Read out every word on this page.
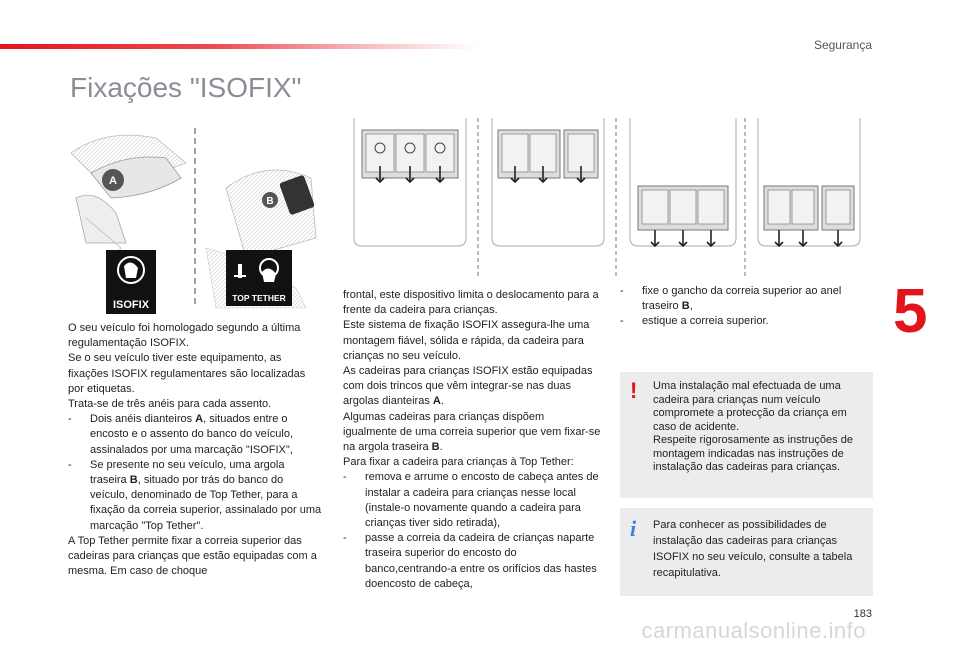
Segurança
Fixações "ISOFIX"
A
B
ISOFIX
TOP TETHER

O seu veículo foi homologado segundo a última regulamentação ISOFIX.

Se o seu veículo tiver este equipamento, as fixações ISOFIX regulamentares são localizadas por etiquetas.

Trata-se de três anéis para cada assento.

-	Dois anéis dianteiros A, situados entre o encosto e o assento do banco do veículo, assinalados por uma marcação "ISOFIX",
-	Se presente no seu veículo, uma argola traseira B, situado por trás do banco do veículo, denominado de Top Tether, para a fixação da correia superior, assinalado por uma marcação "Top Tether".

A Top Tether permite fixar a correia superior das cadeiras para crianças que estão equipadas com a mesma. Em caso de choque

frontal, este dispositivo limita o deslocamento para a frente da cadeira para crianças.

Este sistema de fixação ISOFIX assegura-lhe uma montagem fiável, sólida e rápida, da cadeira para crianças no seu veículo.

As cadeiras para crianças ISOFIX estão equipadas com dois trincos que vêm integrar-se nas duas argolas dianteiras A.

Algumas cadeiras para crianças dispõem igualmente de uma correia superior que vem fixar-se na argola traseira B.

Para fixar a cadeira para crianças à Top Tether:

-	remova e arrume o encosto de cabeça antes de instalar a cadeira para crianças nesse local (instale-o novamente quando a cadeira para crianças tiver sido retirada),
-	passe a correia da cadeira de crianças naparte traseira superior do encosto do banco,centrando-a entre os orifícios das hastes doencosto de cabeça,
-	fixe o gancho da correia superior ao anel traseiro B,
-	estique a correia superior.
! Uma instalação mal efectuada de uma cadeira para crianças num veículo compromete a protecção da criança em caso de acidente.

Respeite rigorosamente as instruções de montagem indicadas nas instruções de instalação das cadeiras para crianças.

i Para conhecer as possibilidades de instalação das cadeiras para crianças ISOFIX no seu veículo, consulte a tabela recapitulativa.

5
183
carmanualsonline.info
